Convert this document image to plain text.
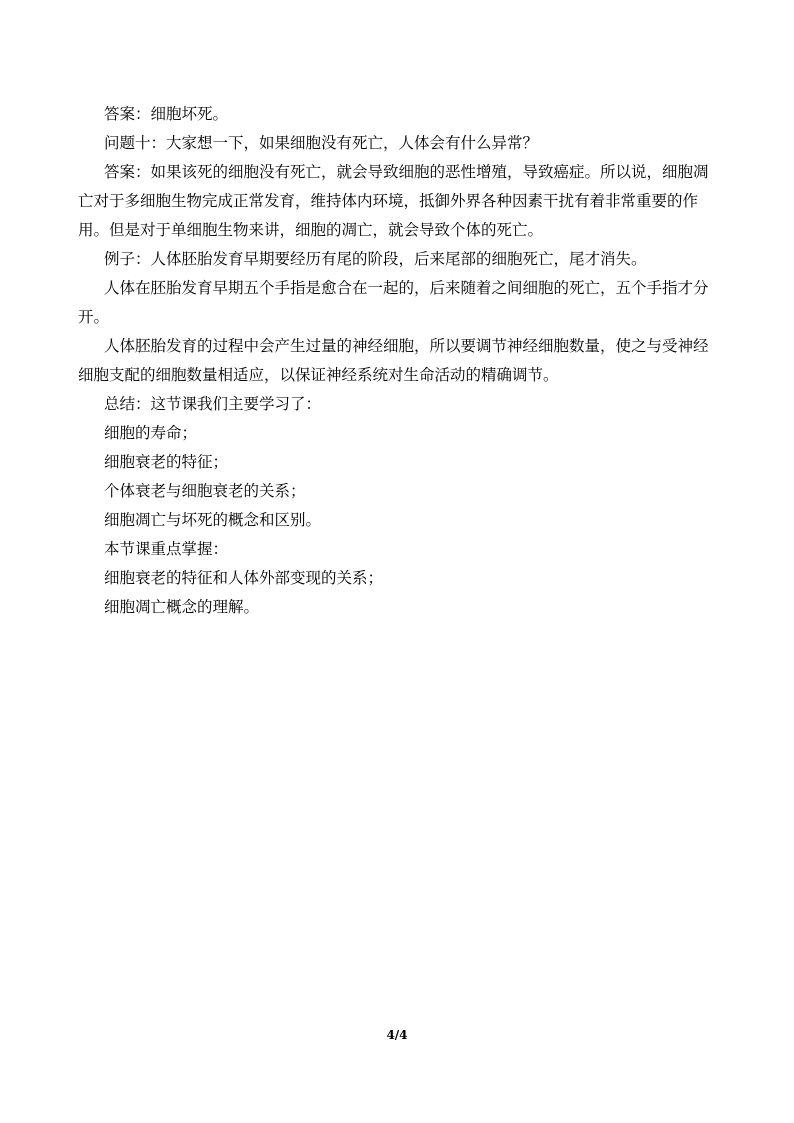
答案：细胞坏死。

问题十：大家想一下，如果细胞没有死亡，人体会有什么异常？

答案：如果该死的细胞没有死亡，就会导致细胞的恶性增殖，导致癌症。所以说，细胞凋亡对于多细胞生物完成正常发育，维持体内环境，抵御外界各种因素干扰有着非常重要的作用。但是对于单细胞生物来讲，细胞的凋亡，就会导致个体的死亡。

例子：人体胚胎发育早期要经历有尾的阶段，后来尾部的细胞死亡，尾才消失。

人体在胚胎发育早期五个手指是愈合在一起的，后来随着之间细胞的死亡，五个手指才分开。

人体胚胎发育的过程中会产生过量的神经细胞，所以要调节神经细胞数量，使之与受神经细胞支配的细胞数量相适应，以保证神经系统对生命活动的精确调节。

总结：这节课我们主要学习了：

细胞的寿命；

细胞衰老的特征；

个体衰老与细胞衰老的关系；

细胞凋亡与坏死的概念和区别。

本节课重点掌握：

细胞衰老的特征和人体外部变现的关系；

细胞凋亡概念的理解。

4/4
